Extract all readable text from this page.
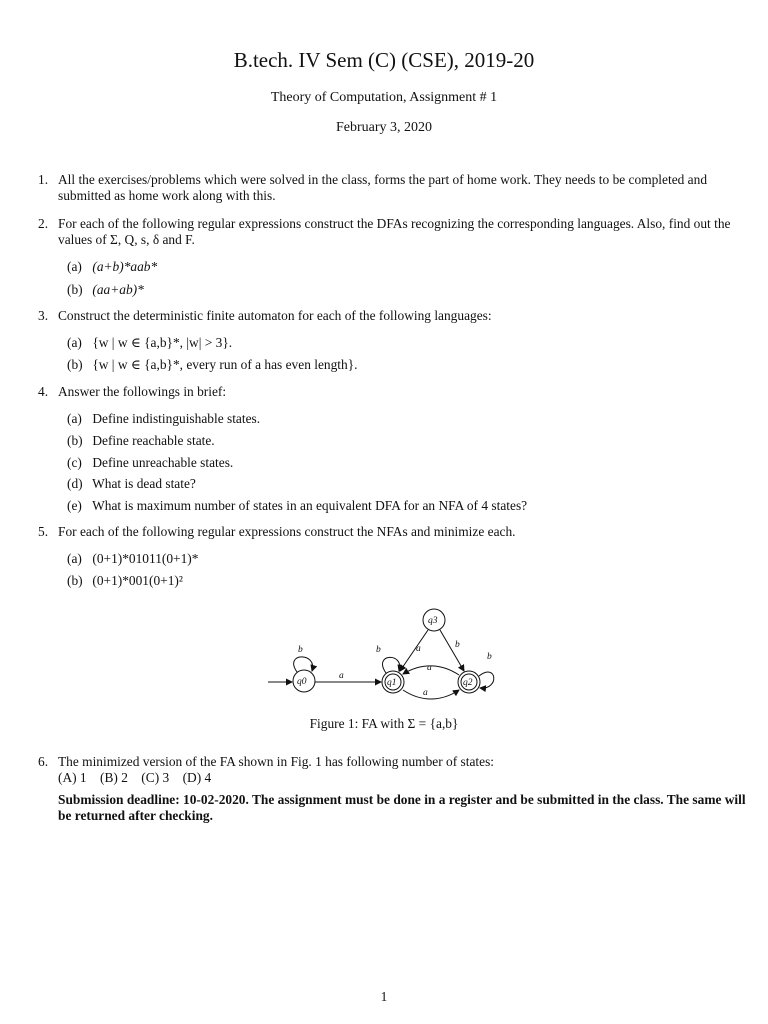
B.tech. IV Sem (C) (CSE), 2019-20
Theory of Computation, Assignment # 1
February 3, 2020
1. All the exercises/problems which were solved in the class, forms the part of home work. They needs to be completed and submitted as home work along with this.
2. For each of the following regular expressions construct the DFAs recognizing the corresponding languages. Also, find out the values of Σ, Q, s, δ and F.
(a) (a+b)*aab*
(b) (aa+ab)*
3. Construct the deterministic finite automaton for each of the following languages:
(a) {w | w ∈ {a,b}*, |w| > 3}.
(b) {w | w ∈ {a,b}*, every run of a has even length}.
4. Answer the followings in brief:
(a) Define indistinguishable states.
(b) Define reachable state.
(c) Define unreachable states.
(d) What is dead state?
(e) What is maximum number of states in an equivalent DFA for an NFA of 4 states?
5. For each of the following regular expressions construct the NFAs and minimize each.
(a) (0+1)*01011(0+1)*
(b) (0+1)*001(0+1)²
q0
b
a
q1
b
q2
b
a
a
q3
a	b
Figure 1: FA with Σ = {a,b}
6. The minimized version of the FA shown in Fig. 1 has following number of states:
(A) 1    (B) 2    (C) 3    (D) 4
Submission deadline: 10-02-2020. The assignment must be done in a register and be submitted in the class. The same will be returned after checking.
1
